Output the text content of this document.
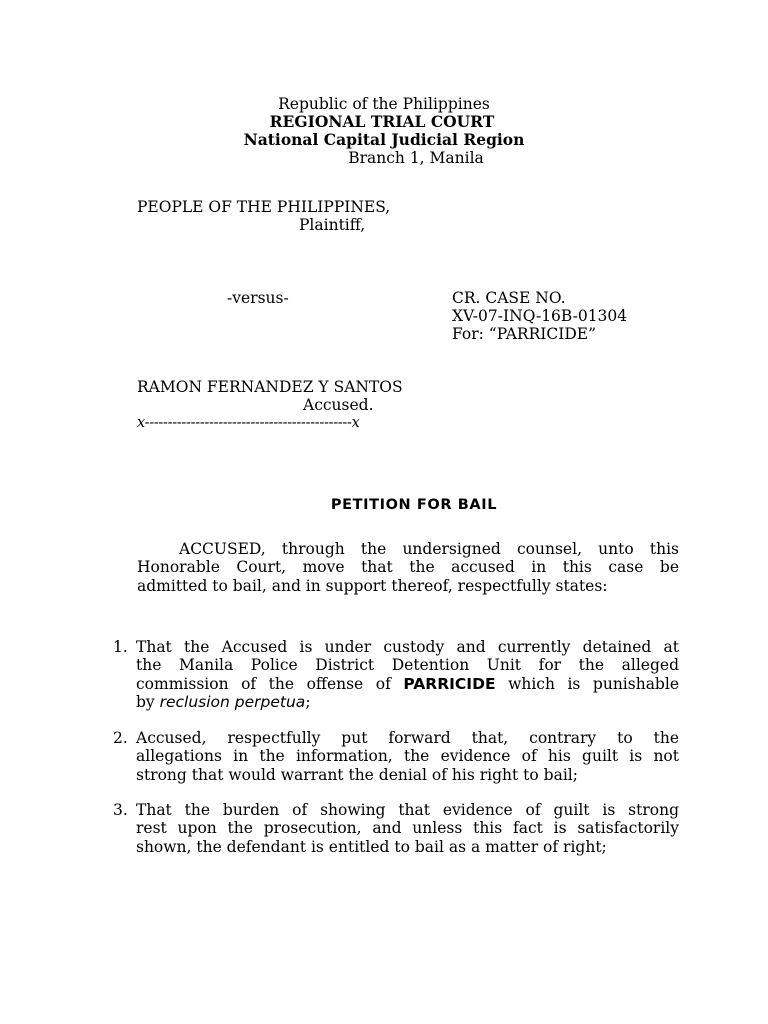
Republic of the Philippines
REGIONAL TRIAL COURT
National Capital Judicial Region
Branch 1, Manila
PEOPLE OF THE PHILIPPINES,
Plaintiff,
-versus-	CR. CASE NO.
XV-07-INQ-16B-01304
For: “PARRICIDE”
RAMON FERNANDEZ Y SANTOS
Accused.
x---------------------------------------------x
PETITION FOR BAIL

ACCUSED, through the undersigned counsel, unto this

Honorable Court, move that the accused in this case be

admitted to bail, and in support thereof, respectfully states:

1. That the Accused is under custody and currently detained at

the Manila Police District Detention Unit for the alleged

commission of the offense of PARRICIDE which is punishable

by reclusion perpetua;

2. Accused, respectfully put forward that, contrary to the

allegations in the information, the evidence of his guilt is not

strong that would warrant the denial of his right to bail;

3. That the burden of showing that evidence of guilt is strong

rest upon the prosecution, and unless this fact is satisfactorily

shown, the defendant is entitled to bail as a matter of right;
